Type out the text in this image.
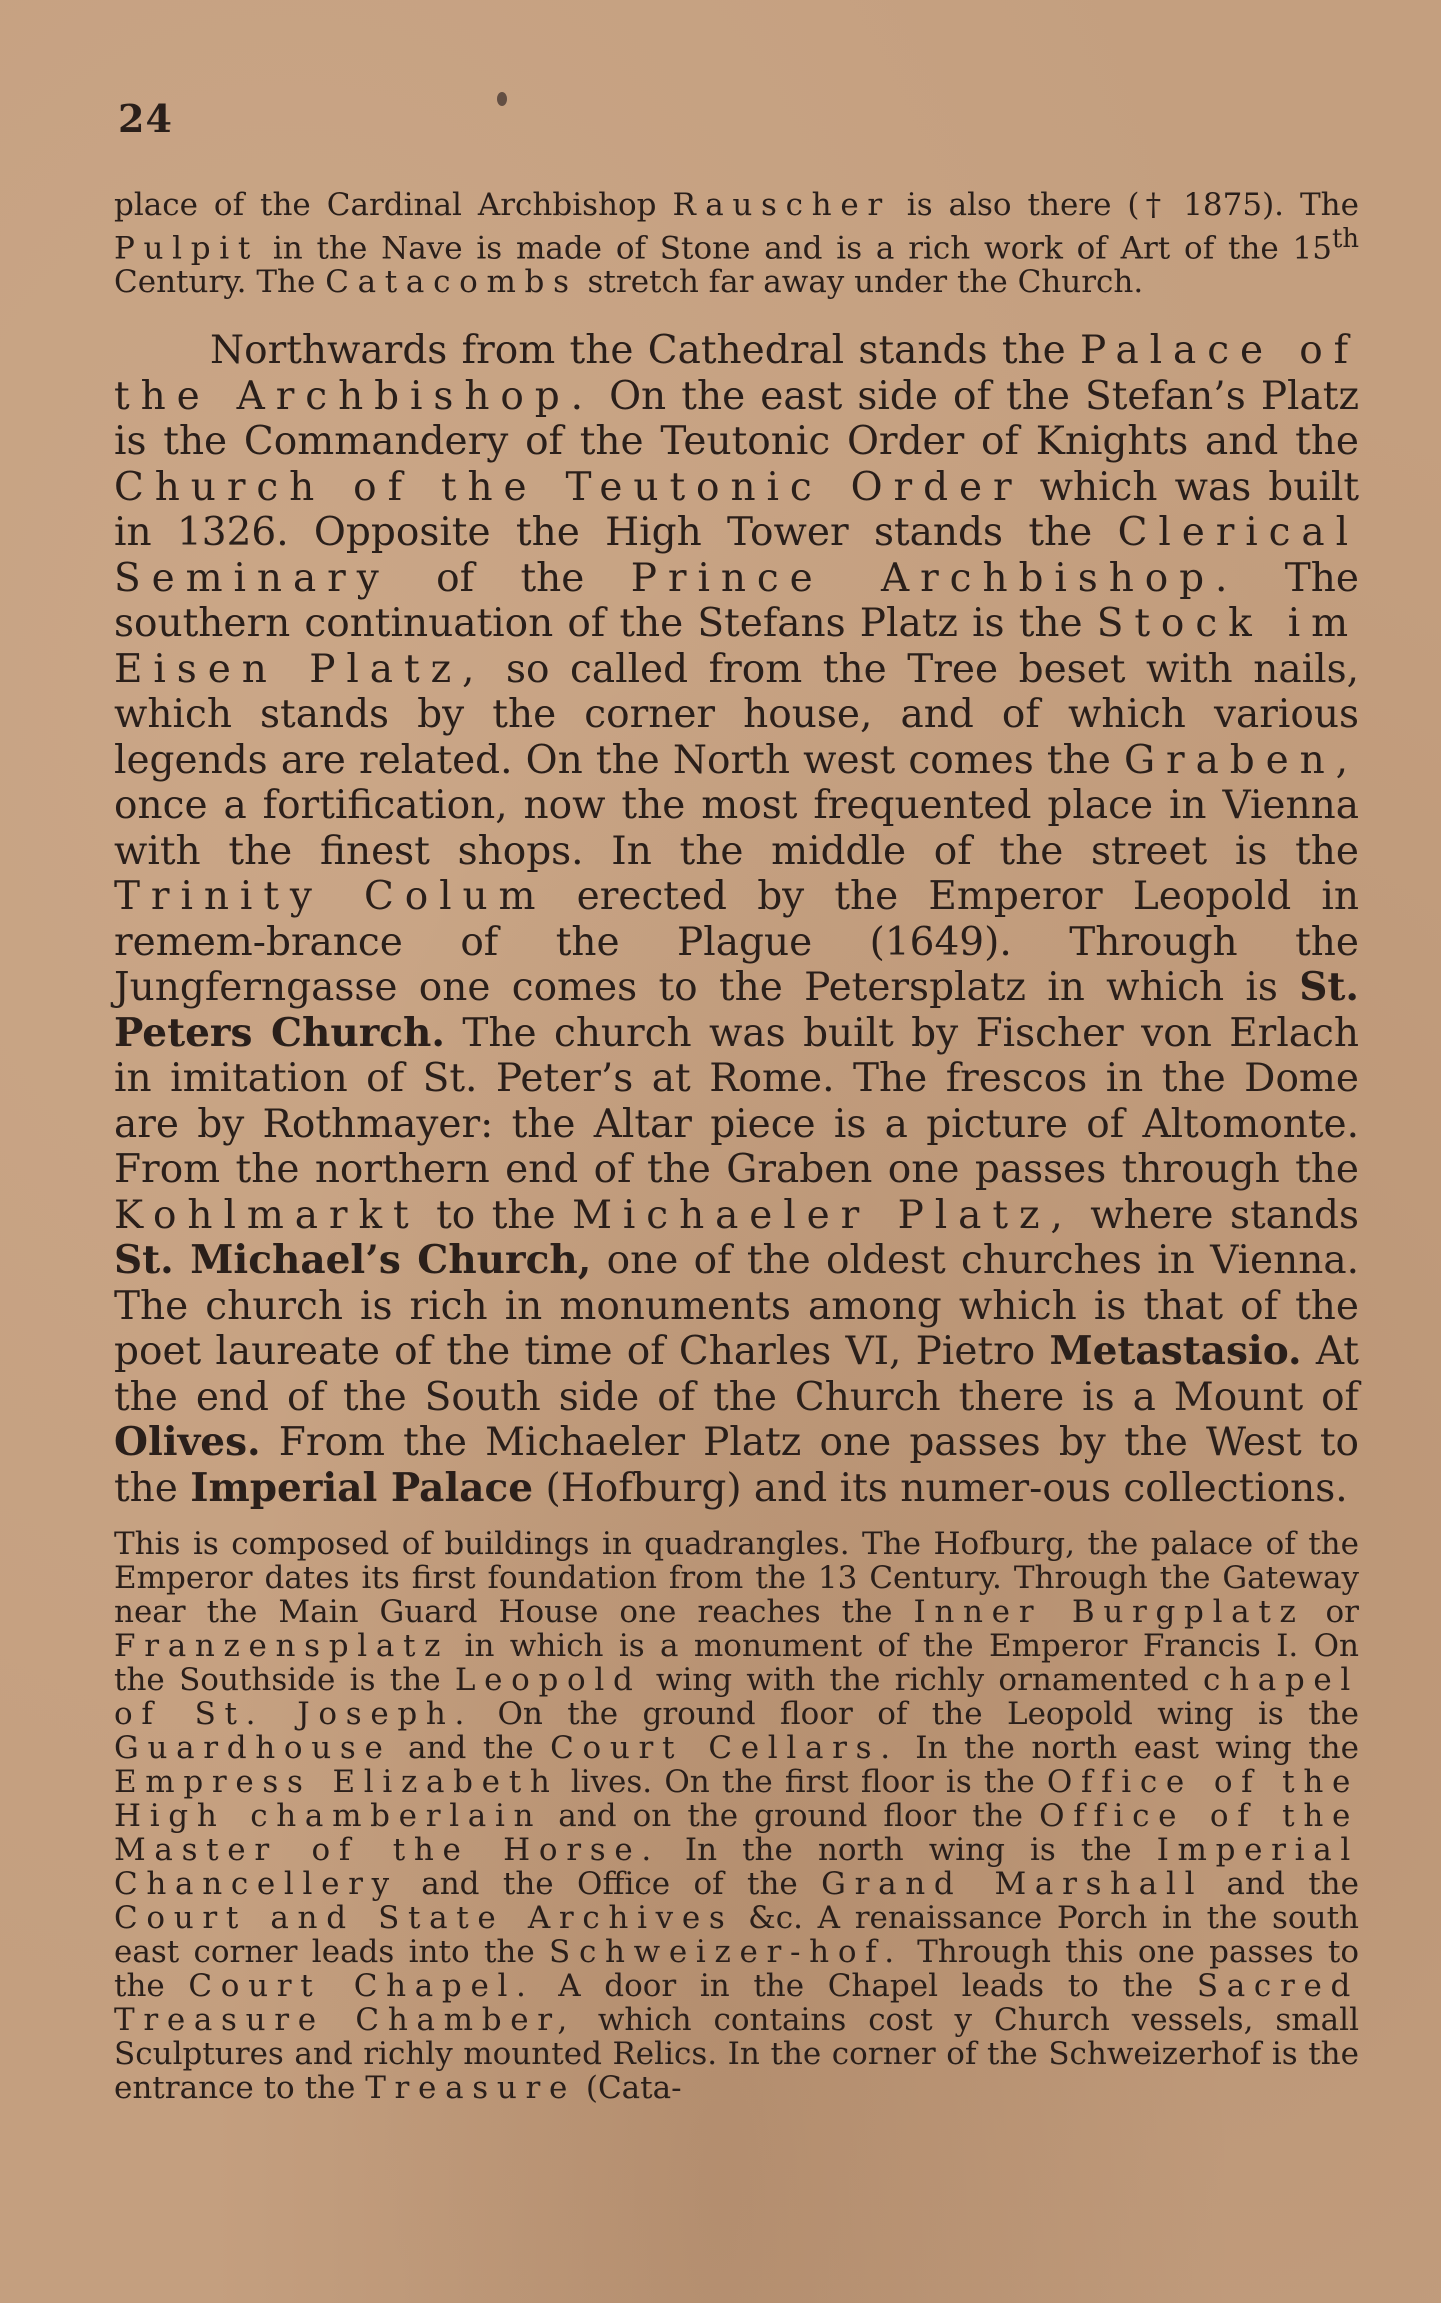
24

place of the Cardinal Archbishop Rauscher is also there († 1875). The Pulpit in the Nave is made of Stone and is a rich work of Art of the 15th Century. The Catacombs stretch far away under the Church.

Northwards from the Cathedral stands the Palace of the Archbishop. On the east side of the Stefan’s Platz is the Commandery of the Teutonic Order of Knights and the Church of the Teutonic Order which was built in 1326. Opposite the High Tower stands the Clerical Seminary of the Prince Archbishop. The southern continuation of the Stefans Platz is the Stock im Eisen Platz, so called from the Tree beset with nails, which stands by the corner house, and of which various legends are related. On the North west comes the Graben, once a fortification, now the most frequented place in Vienna with the finest shops. In the middle of the street is the Trinity Colum erected by the Emperor Leopold in remem-brance of the Plague (1649). Through the Jungferngasse one comes to the Petersplatz in which is St. Peters Church. The church was built by Fischer von Erlach in imitation of St. Peter’s at Rome. The frescos in the Dome are by Rothmayer: the Altar piece is a picture of Altomonte. From the northern end of the Graben one passes through the Kohlmarkt to the Michaeler Platz, where stands St. Michael’s Church, one of the oldest churches in Vienna. The church is rich in monuments among which is that of the poet laureate of the time of Charles VI, Pietro Metastasio. At the end of the South side of the Church there is a Mount of Olives. From the Michaeler Platz one passes by the West to the Imperial Palace (Hofburg) and its numer-ous collections.

This is composed of buildings in quadrangles. The Hofburg, the palace of the Emperor dates its first foundation from the 13 Century. Through the Gateway near the Main Guard House one reaches the Inner Burgplatz or Franzensplatz in which is a monument of the Emperor Francis I. On the Southside is the Leopold wing with the richly ornamented chapel of St. Joseph. On the ground floor of the Leopold wing is the Guardhouse and the Court Cellars. In the north east wing the Empress Elizabeth lives. On the first floor is the Office of the High chamberlain and on the ground floor the Office of the Master of the Horse. In the north wing is the Imperial Chancellery and the Office of the Grand Marshall and the Court and State Archives &c. A renaissance Porch in the south east corner leads into the Schweizer-hof. Through this one passes to the Court Chapel. A door in the Chapel leads to the Sacred Treasure Chamber, which contains cost y Church vessels, small Sculptures and richly mounted Relics. In the corner of the Schweizerhof is the entrance to the Treasure (Cata-
